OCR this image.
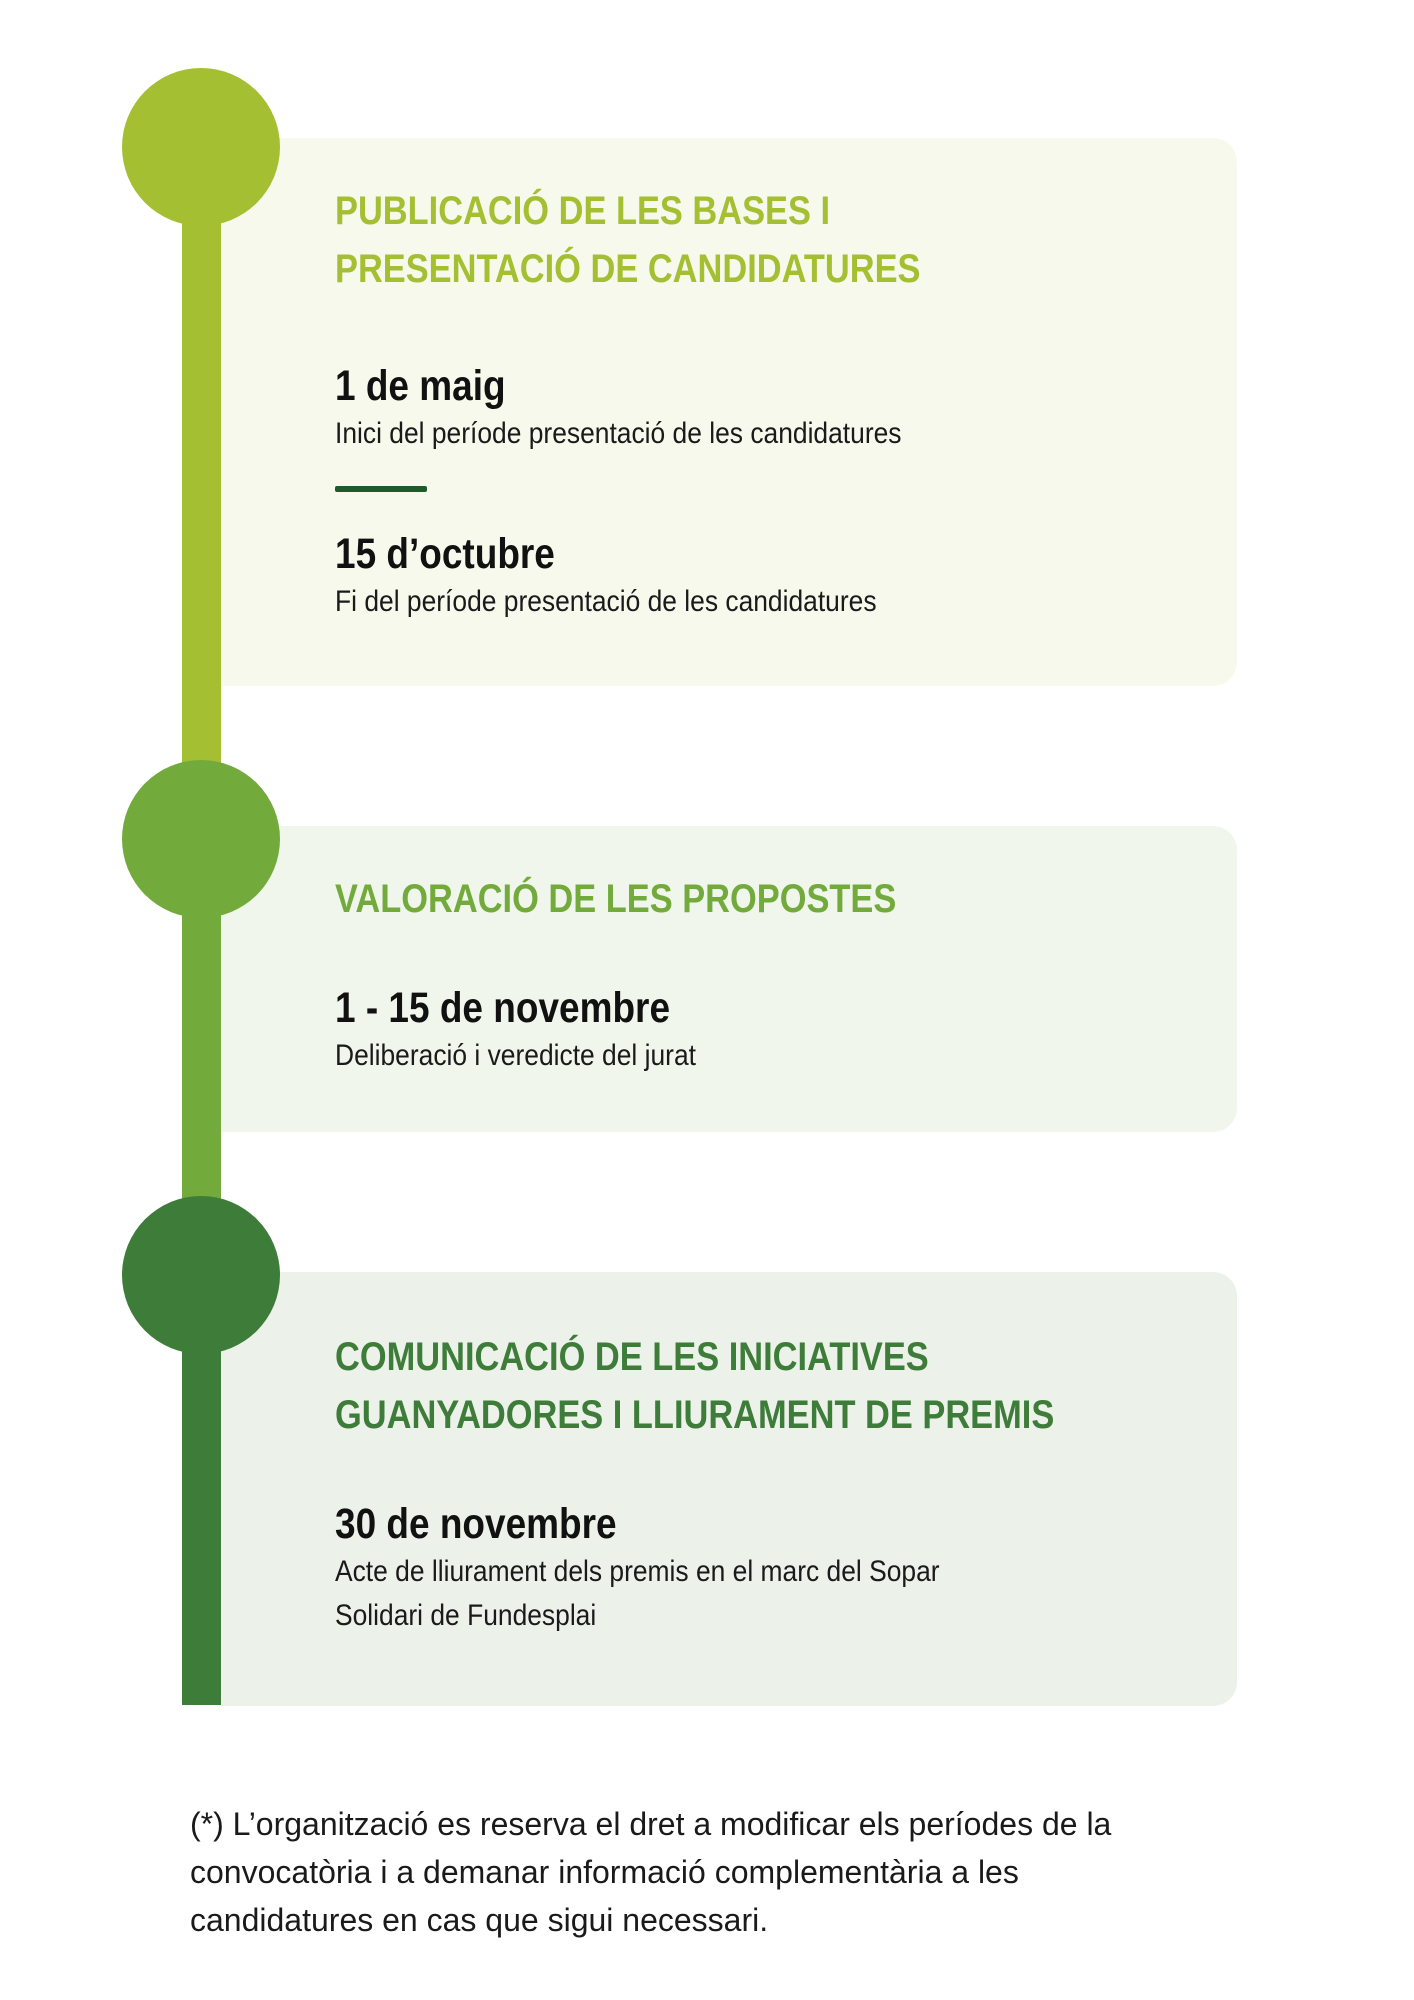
PUBLICACIÓ DE LES BASES I
PRESENTACIÓ DE CANDIDATURES

1 de maig

Inici del període presentació de les candidatures

15 d’octubre

Fi del període presentació de les candidatures

VALORACIÓ DE LES PROPOSTES

1 - 15 de novembre

Deliberació i veredicte del jurat

COMUNICACIÓ DE LES INICIATIVES
GUANYADORES I LLIURAMENT DE PREMIS

30 de novembre

Acte de lliurament dels premis en el marc del Sopar

Solidari de Fundesplai

(*) L’organització es reserva el dret a modificar els períodes de la
convocatòria i a demanar informació complementària a les
candidatures en cas que sigui necessari.
